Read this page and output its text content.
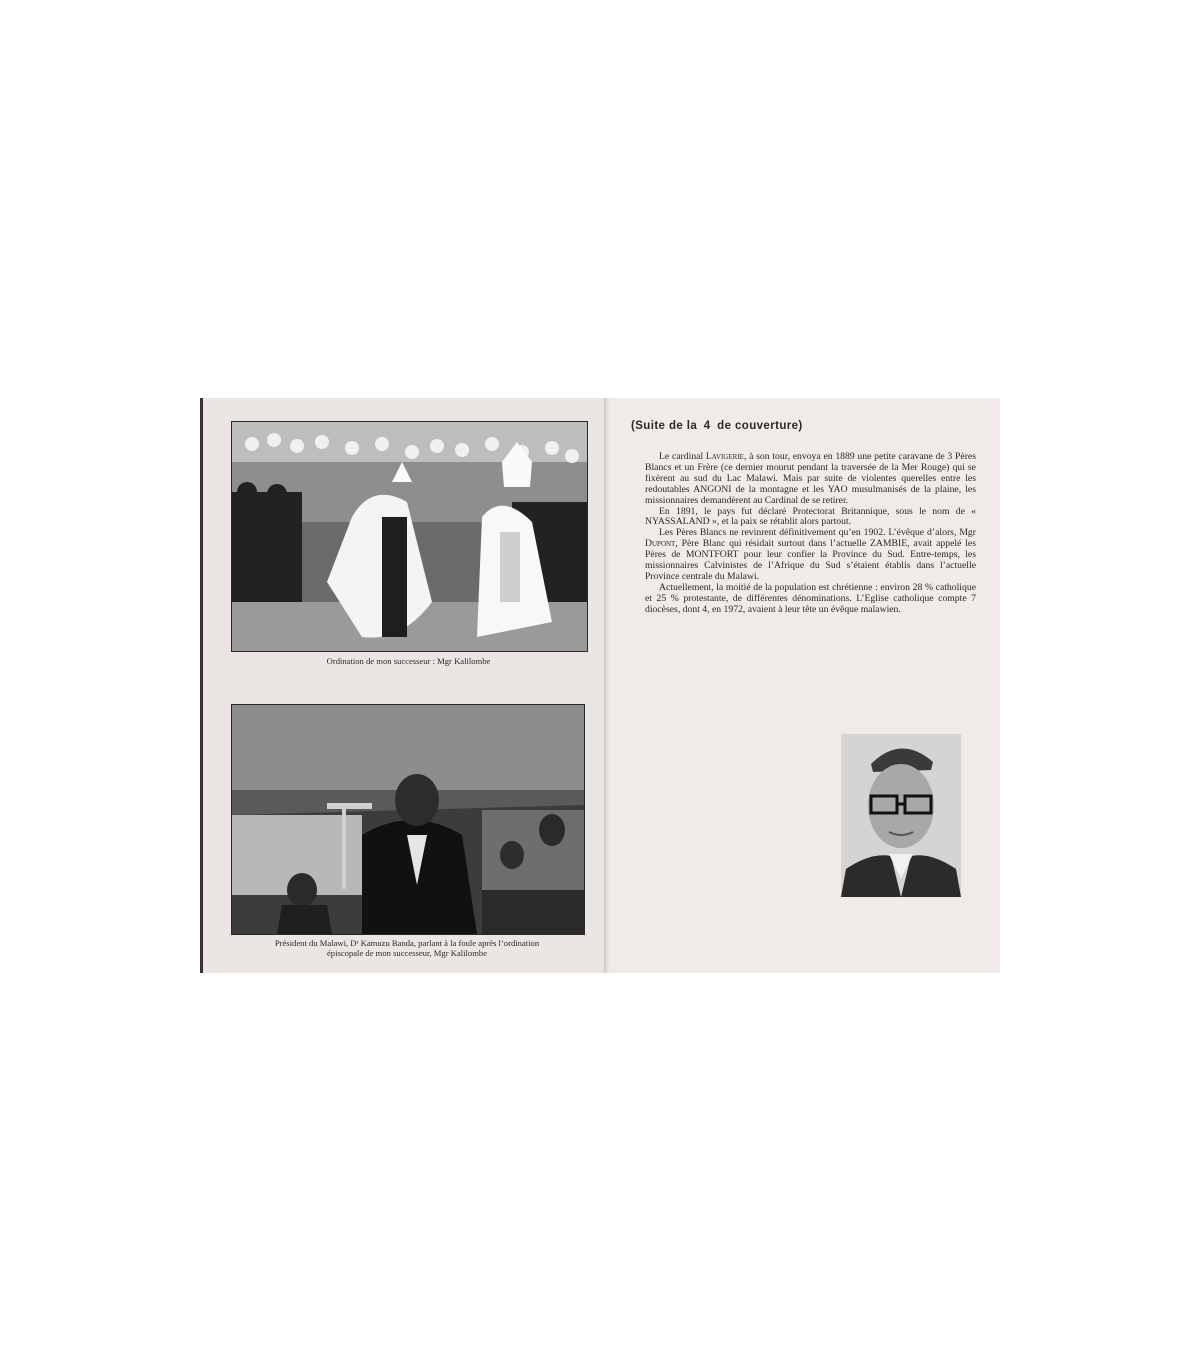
Ordination de mon successeur : Mgr Kalilombe
Président du Malawi, $D^r$ Kamuzu Banda, parlant à la foule après l’ordination
épiscopale de mon successeur, Mgr Kalilombe
(Suite de la 4 de couverture)

Le cardinal Lavigerie, à son tour, envoya en 1889 une petite caravane de 3 Pères Blancs et un Frère (ce dernier mourut pendant la traversée de la Mer Rouge) qui se fixèrent au sud du Lac Malawi. Mais par suite de violentes querelles entre les redoutables ANGONI de la montagne et les YAO musulmanisés de la plaine, les missionnaires demandèrent au Cardinal de se retirer.

En 1891, le pays fut déclaré Protectorat Britannique, sous le nom de « NYASSALAND », et la paix se rétablit alors partout.

Les Pères Blancs ne revinrent définitivement qu’en 1902. L’évêque d’alors, Mgr Dupont, Père Blanc qui résidait surtout dans l’actuelle ZAMBIE, avait appelé les Pères de MONTFORT pour leur confier la Province du Sud. Entre-temps, les missionnaires Calvinistes de l’Afrique du Sud s’étaient établis dans l’actuelle Province centrale du Malawi.

Actuellement, la moitié de la population est chrétienne : environ 28 % catholique et 25 % protestante, de différentes dénominations. L’Eglise catholique compte 7 diocèses, dont 4, en 1972, avaient à leur tête un évêque malawien.
